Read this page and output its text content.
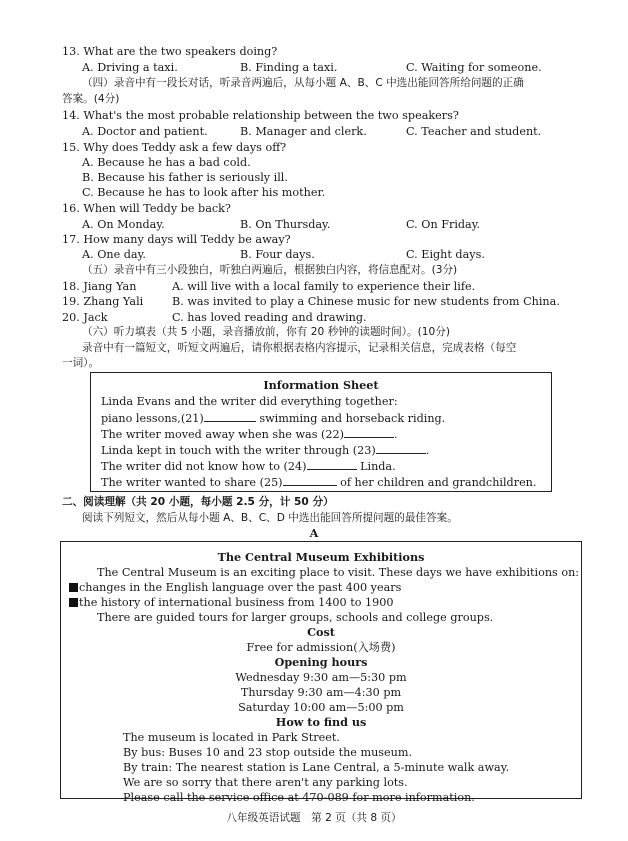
13. What are the two speakers doing?
A. Driving a taxi.	B. Finding a taxi.	C. Waiting for someone.
（四）录音中有一段长对话，听录音两遍后，从每小题 A、B、C 中选出能回答所给问题的正确
答案。(4分)
14. What's the most probable relationship between the two speakers?
A. Doctor and patient.	B. Manager and clerk.	C. Teacher and student.
15. Why does Teddy ask a few days off?
A. Because he has a bad cold.
B. Because his father is seriously ill.
C. Because he has to look after his mother.
16. When will Teddy be back?
A. On Monday.	B. On Thursday.	C. On Friday.
17. How many days will Teddy be away?
A. One day.	B. Four days.	C. Eight days.
（五）录音中有三小段独白，听独白两遍后，根据独白内容，将信息配对。(3分)
18. Jiang Yan	A. will live with a local family to experience their life.
19. Zhang Yali	B. was invited to play a Chinese music for new students from China.
20. Jack	C. has loved reading and drawing.
（六）听力填表（共 5 小题，录音播放前，你有 20 秒钟的读题时间）。(10分)
录音中有一篇短文，听短文两遍后，请你根据表格内容提示，记录相关信息，完成表格（每空
一词）。
Information Sheet
Linda Evans and the writer did everything together:
piano lessons,(21)	swimming and horseback riding.
The writer moved away when she was (22)	.
Linda kept in touch with the writer through (23)	.
The writer did not know how to (24)	Linda.
The writer wanted to share (25)	of her children and grandchildren.
二、阅读理解（共 20 小题，每小题 2.5 分，计 50 分）
阅读下列短文，然后从每小题 A、B、C、D 中选出能回答所提问题的最佳答案。
A
The Central Museum Exhibitions
The Central Museum is an exciting place to visit. These days we have exhibitions on:
changes in the English language over the past 400 years
the history of international business from 1400 to 1900
There are guided tours for larger groups, schools and college groups.
Cost
Free for admission(入场费)
Opening hours
Wednesday 9:30 am—5:30 pm
Thursday 9:30 am—4:30 pm
Saturday 10:00 am—5:00 pm
How to find us
The museum is located in Park Street.
By bus: Buses 10 and 23 stop outside the museum.
By train: The nearest station is Lane Central, a 5-minute walk away.
We are so sorry that there aren't any parking lots.
Please call the service office at 470-089 for more information.
八年级英语试题　第 2 页（共 8 页）
